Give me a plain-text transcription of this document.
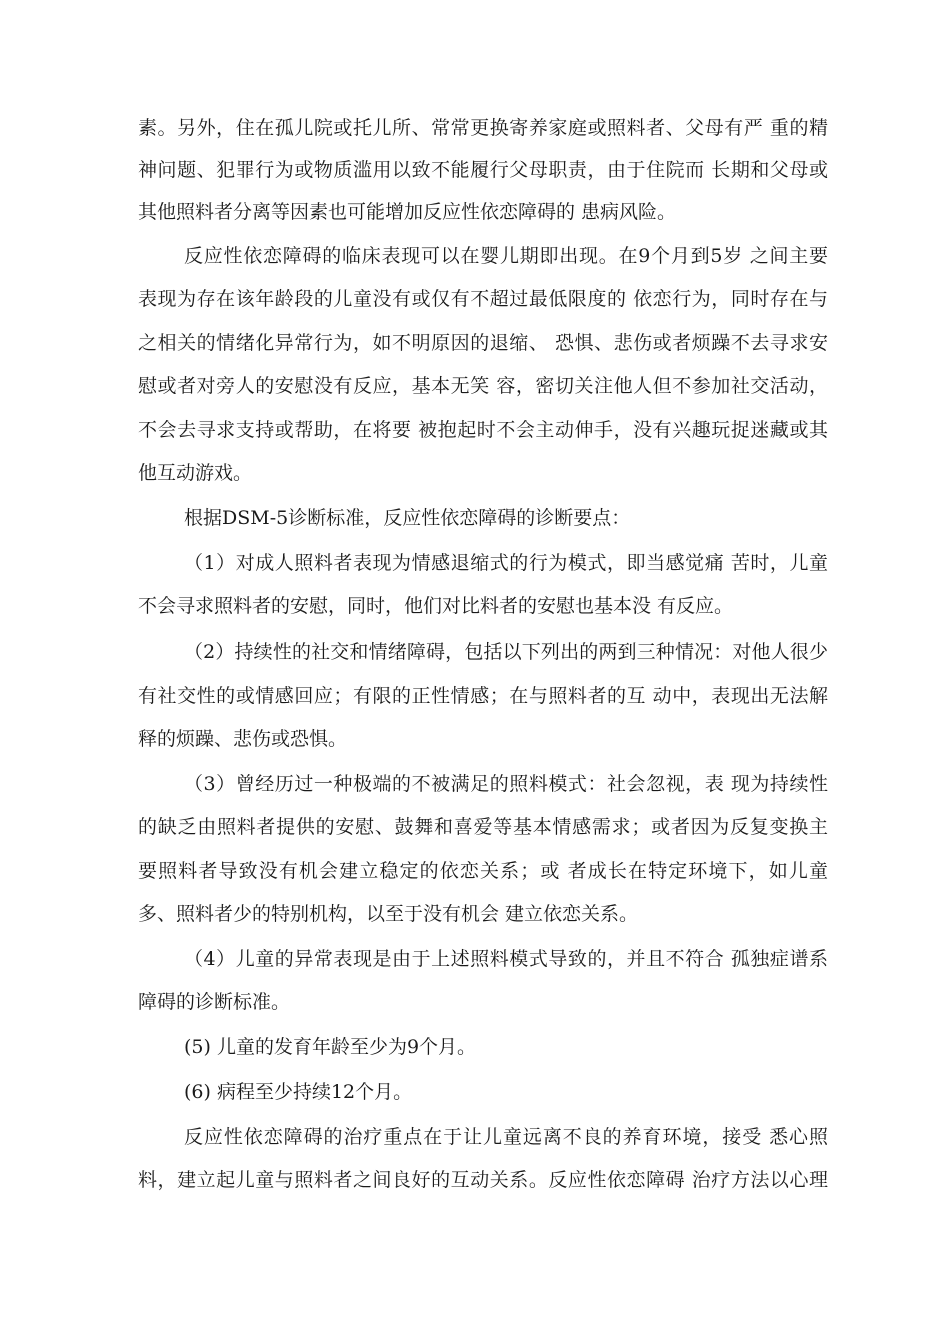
素。另外，住在孤儿院或托儿所、常常更换寄养家庭或照料者、父母有严 重的精
神问题、犯罪行为或物质滥用以致不能履行父母职责，由于住院而 长期和父母或
其他照料者分离等因素也可能增加反应性依恋障碍的 患病风险。
反应性依恋障碍的临床表现可以在婴儿期即出现。在9个月到5岁 之间主要
表现为存在该年龄段的儿童没有或仅有不超过最低限度的 依恋行为，同时存在与
之相关的情绪化异常行为，如不明原因的退缩、 恐惧、悲伤或者烦躁不去寻求安
慰或者对旁人的安慰没有反应，基本无笑 容，密切关注他人但不参加社交活动，
不会去寻求支持或帮助，在将要 被抱起时不会主动伸手，没有兴趣玩捉迷藏或其
他互动游戏。
根据DSM-5诊断标准，反应性依恋障碍的诊断要点：
（1）对成人照料者表现为情感退缩式的行为模式，即当感觉痛 苦时，儿童
不会寻求照料者的安慰，同时，他们对比料者的安慰也基本没 有反应。
（2）持续性的社交和情绪障碍，包括以下列出的两到三种情况：对他人很少
有社交性的或情感回应；有限的正性情感；在与照料者的互 动中，表现出无法解
释的烦躁、悲伤或恐惧。
（3）曾经历过一种极端的不被满足的照料模式：社会忽视，表 现为持续性
的缺乏由照料者提供的安慰、鼓舞和喜爱等基本情感需求；或者因为反复变换主
要照料者导致没有机会建立稳定的依恋关系；或 者成长在特定环境下，如儿童
多、照料者少的特别机构，以至于没有机会 建立依恋关系。
（4）儿童的异常表现是由于上述照料模式导致的，并且不符合 孤独症谱系
障碍的诊断标准。
(5) 儿童的发育年龄至少为9个月。
(6) 病程至少持续12个月。
反应性依恋障碍的治疗重点在于让儿童远离不良的养育环境，接受 悉心照
料，建立起儿童与照料者之间良好的互动关系。反应性依恋障碍 治疗方法以心理
